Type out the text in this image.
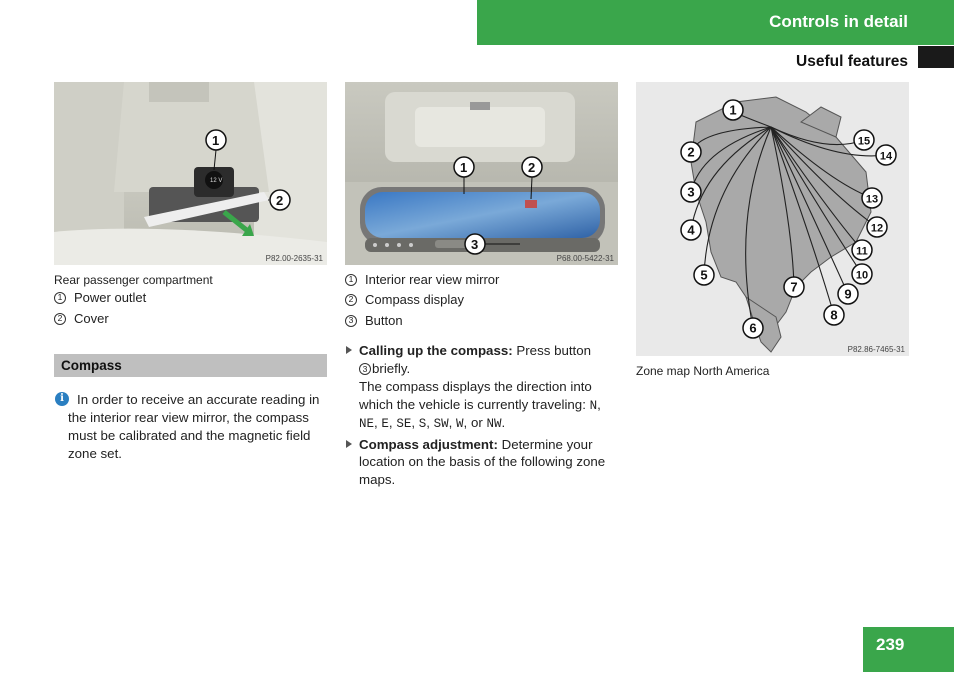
Controls in detail
Useful features
12 V
1
2
P82.00-2635-31
Rear passenger compartment
1 Power outlet
2 Cover
Compass
i In order to receive an accurate reading in
the interior rear view mirror, the compass
must be calibrated and the magnetic field
zone set.
1	2
3
P68.00-5422-31
1 Interior rear view mirror
2 Compass display
3 Button
Calling up the compass: Press button
3 briefly.
The compass displays the direction into
which the vehicle is currently traveling: N,
NE, E, SE, S, SW, W, or NW.
Compass adjustment: Determine your
location on the basis of the following zone
maps.
1
2
3
4
5
6
7
8
9
10
11
12
13
14
15
P82.86-7465-31
Zone map North America
239
